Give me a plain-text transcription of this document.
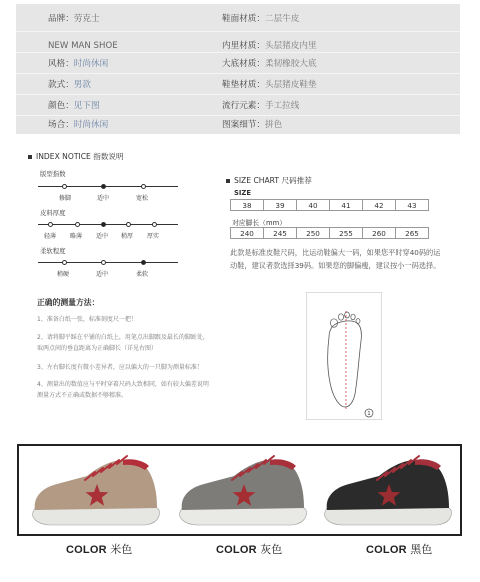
品牌：劳克士	鞋面材质：二层牛皮
NEW MAN SHOE	内里材质：头层猪皮内里
风格：时尚休闲	大底材质：柔韧橡胶大底
款式：男款	鞋垫材质：头层猪皮鞋垫
颜色：见下图	流行元素：手工拉线
场合：时尚休闲	图案细节：拼色
INDEX NOTICE 指数说明
版型指数
修脚	适中	宽松
皮料厚度
轻薄 略薄 适中 稍厚 厚实
柔软程度
稍硬	适中	柔软
SIZE CHART 尺码推荐
SIZE
38	39	40	41	42	43
对应脚长（mm）
240	245	250	255	260	265
此款是标准皮鞋尺码，比运动鞋偏大一码，如果您平时穿40码的运动鞋，建议者款选择39码。如果您的脚偏瘦，建议按小一码选择。
正确的测量方法：
1、准备白纸一张，标准刻度尺一把！
2、请将脚平踩在平铺的白纸上，用笔点出脚跟及最长的脚趾处，
取两点间的垂直距离为正确脚长（详见右图）
3、左右脚长度有微小差异者，应以偏大的一只脚为测量标准！
4、测量出的数值应与平时穿着尺码大致相同，如有较大偏差说明
测量方式不正确或数据不够精准。
1
COLOR 米色	COLOR 灰色	COLOR 黑色
